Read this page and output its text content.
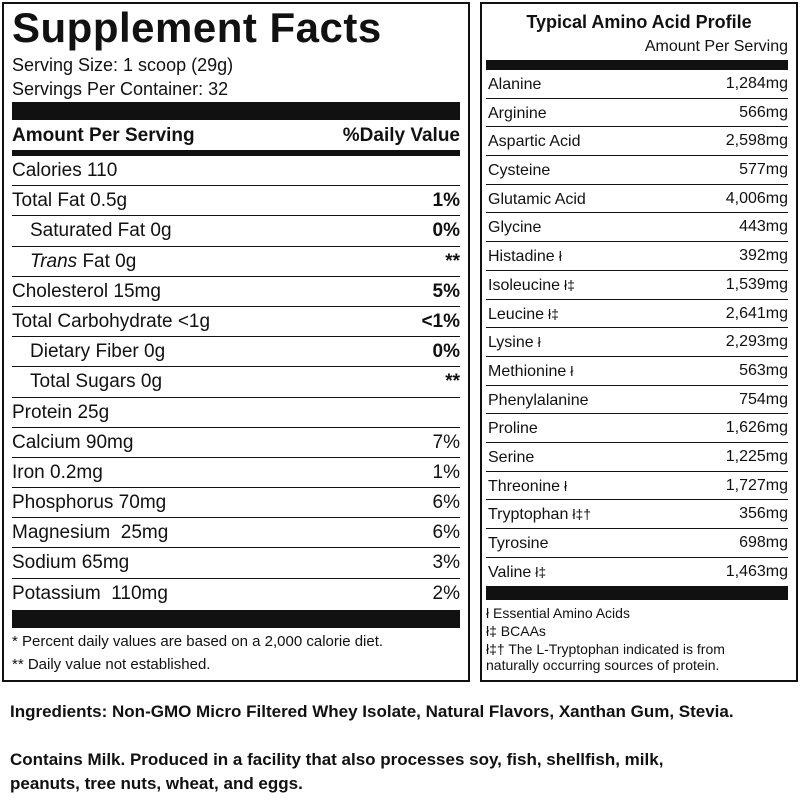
Supplement Facts
Serving Size: 1 scoop (29g)
Servings Per Container: 32
Amount Per Serving	%Daily Value
Calories 110
Total Fat 0.5g	1%
Saturated Fat 0g	0%
Trans Fat 0g	**
Cholesterol 15mg	5%
Total Carbohydrate <1g	<1%
Dietary Fiber 0g	0%
Total Sugars 0g	**
Protein 25g
Calcium 90mg	7%
Iron 0.2mg	1%
Phosphorus 70mg	6%
Magnesium  25mg	6%
Sodium 65mg	3%
Potassium  110mg	2%
* Percent daily values are based on a 2,000 calorie diet.
** Daily value not established.
Typical Amino Acid Profile
Amount Per Serving
Alanine	1,284mg
Arginine	566mg
Aspartic Acid	2,598mg
Cysteine	577mg
Glutamic Acid	4,006mg
Glycine	443mg
Histadine ł	392mg
Isoleucine ł‡	1,539mg
Leucine ł‡	2,641mg
Lysine ł	2,293mg
Methionine ł	563mg
Phenylalanine	754mg
Proline	1,626mg
Serine	1,225mg
Threonine ł	1,727mg
Tryptophan ł‡†	356mg
Tyrosine	698mg
Valine ł‡	1,463mg
ł Essential Amino Acids
ł‡ BCAAs
ł‡† The L-Tryptophan indicated is from
naturally occurring sources of protein.
Ingredients: Non-GMO Micro Filtered Whey Isolate, Natural Flavors, Xanthan Gum, Stevia.
Contains Milk. Produced in a facility that also processes soy, fish, shellfish, milk,
peanuts, tree nuts, wheat, and eggs.
